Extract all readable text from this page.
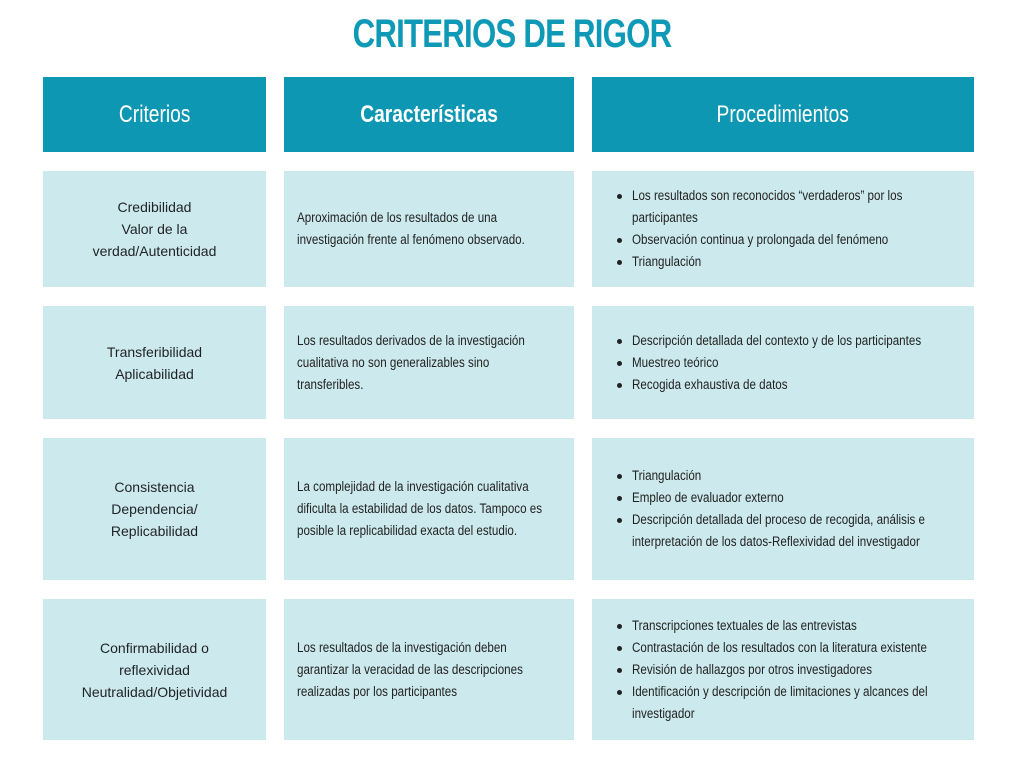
CRITERIOS DE RIGOR
Criterios	Características	Procedimientos
Credibilidad
Valor de la
verdad/Autenticidad
Aproximación de los resultados de una
investigación frente al fenómeno observado.
Los resultados son reconocidos “verdaderos” por los
participantes
Observación continua y prolongada del fenómeno
Triangulación
Transferibilidad
Aplicabilidad
Los resultados derivados de la investigación
cualitativa no son generalizables sino
transferibles.
Descripción detallada del contexto y de los participantes
Muestreo teórico
Recogida exhaustiva de datos
Consistencia
Dependencia/
Replicabilidad
La complejidad de la investigación cualitativa
dificulta la estabilidad de los datos. Tampoco es
posible la replicabilidad exacta del estudio.
Triangulación
Empleo de evaluador externo
Descripción detallada del proceso de recogida, análisis e
interpretación de los datos-Reflexividad del investigador
Confirmabilidad o
reflexividad
Neutralidad/Objetividad
Los resultados de la investigación deben
garantizar la veracidad de las descripciones
realizadas por los participantes
Transcripciones textuales de las entrevistas
Contrastación de los resultados con la literatura existente
Revisión de hallazgos por otros investigadores
Identificación y descripción de limitaciones y alcances del
investigador
